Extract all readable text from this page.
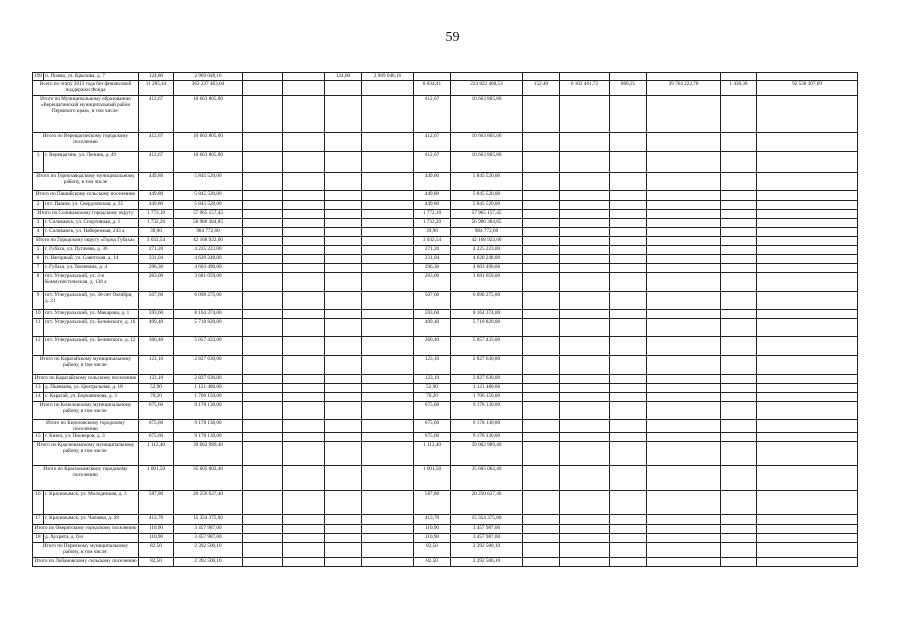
59
109	п. Пожва, ул. Крылова, д. 7	124,80	2 969 048,16			124,80	2 969 048,16								
Всего по этапу 2013 года без финансовой поддержки Фонда		11 285,44	362 227 463,04					8 834,41	223 822 468,53	152,40	6 102 461,72	860,25	39 764 222,78	1 438,38	92 538 307,69
Итого по Муниципальному образованию «Верещагинский муниципальный район Пермского края», в том числе:		412,67	10 663 805,00					412,67	10 663 805,00						
Итого по Верещагинскому городскому поселению		412,67	10 663 805,00					412,67	10 663 805,00						
1	г. Верещагино, ул. Ленина, д. 49	412,67	10 663 805,00					412,67	10 663 805,00						
Итого по Горнозаводскому муниципальному району, в том числе		449,80	5 845 520,00					449,80	5 845 520,00						
Итого по Пашийскому сельскому поселению		449,80	5 845 520,00					449,80	5 845 520,00						
2	пгт. Пашия, ул. Свердловская, д. 35	449,80	5 845 520,00					449,80	5 845 520,00						
Итого по Соликамскому городскому округу		1 772,10	57 965 157,45					1 772,10	57 965 157,45						
3	г. Соликамск, ул. Спортивная, д. 1	1 732,20	56 980 384,85					1 732,20	56 980 384,85						
4	г. Соликамск, ул. Набережная, 243 а	39,90	984 772,60					39,90	984 772,60						
Итого по Городскому округу «Город Губаха»		3 032,54	42 168 922,00					3 032,54	42 168 922,00						
5	г. Губаха, ул. Пугачева, д. 36	271,20	4 225 223,00					271,20	4 225 223,00						
6	п. Нагорный, ул. Советская, д. 14	331,04	4 620 248,00					331,04	4 620 248,00						
7	г. Губаха, ул. Тюленина, д. 4	296,30	4 603 490,00					296,30	4 603 490,00						
8	пгт. Углеуральский, ул. 2-я Коммунистическая, д. 138 а	263,00	3 681 059,00					263,00	3 681 059,00						
9	пгт. Углеуральский, ул. 30-лет Октября, д. 21	507,60	6 098 275,00					507,60	6 098 275,00						
10	пгт. Углеуральский, ул. Макарова, д. 1	593,60	8 164 374,00					593,60	8 164 374,00						
11	пгт. Углеуральский, ул. Белинского, д. 16	409,40	5 718 820,00					409,40	5 718 820,00						
12	пгт. Углеуральский, ул. Белинского, д. 12	360,40	5 057 433,00					360,40	5 057 433,00						
Итого по Карагайскому муниципальному району, в том числе:		123,10	2 827 630,00					123,10	2 827 630,00						
Итого по Карагайскому сельскому поселению		123,10	2 827 630,00					123,10	2 827 630,00						
13	д. Пьянкова, ул. Центральная, д. 18	52,90	1 121 480,00					52,90	1 121 480,00						
14	с. Карагай, ул. Борчанинова, д. 3	70,20	1 706 150,00					70,20	1 706 150,00						
Итого по Кизеловскому муниципальному району, в том числе:		675,60	9 178 130,00					675,60	9 178 130,00						
Итого по Кизеловскому городскому поселению		675,60	9 178 130,00					675,60	9 178 130,00						
15	г. Кизел, ул. Пионеров, д. 3	675,60	9 178 130,00					675,60	9 178 130,00						
Итого по Краснокамскому муниципальному району, в том числе:		1 112,40	39 062 989,40					1 112,40	39 062 989,40						
Итого по Краснокамскому городскому поселению		1 001,50	35 605 002,40					1 001,50	35 605 002,40						
16	г. Краснокамск, ул. Молодежная, д. 3	587,80	20 250 627,40					587,80	20 250 627,40						
17	г. Краснокамск, ул. Чапаева, д. 28	413,70	15 354 375,00					413,70	15 354 375,00						
Итого по Оверятскому городскому поселению		110,90	3 457 987,00					110,90	3 457 987,00						
18	д. Хухрята, д. б/н	110,90	3 457 987,00					110,90	3 457 987,00						
Итого по Пермскому муниципальному району, в том числе:		82,50	2 392 500,10					82,50	2 392 500,10						
Итого по Лобановскому сельскому поселению		82,50	2 392 500,10					82,50	2 392 500,10						
